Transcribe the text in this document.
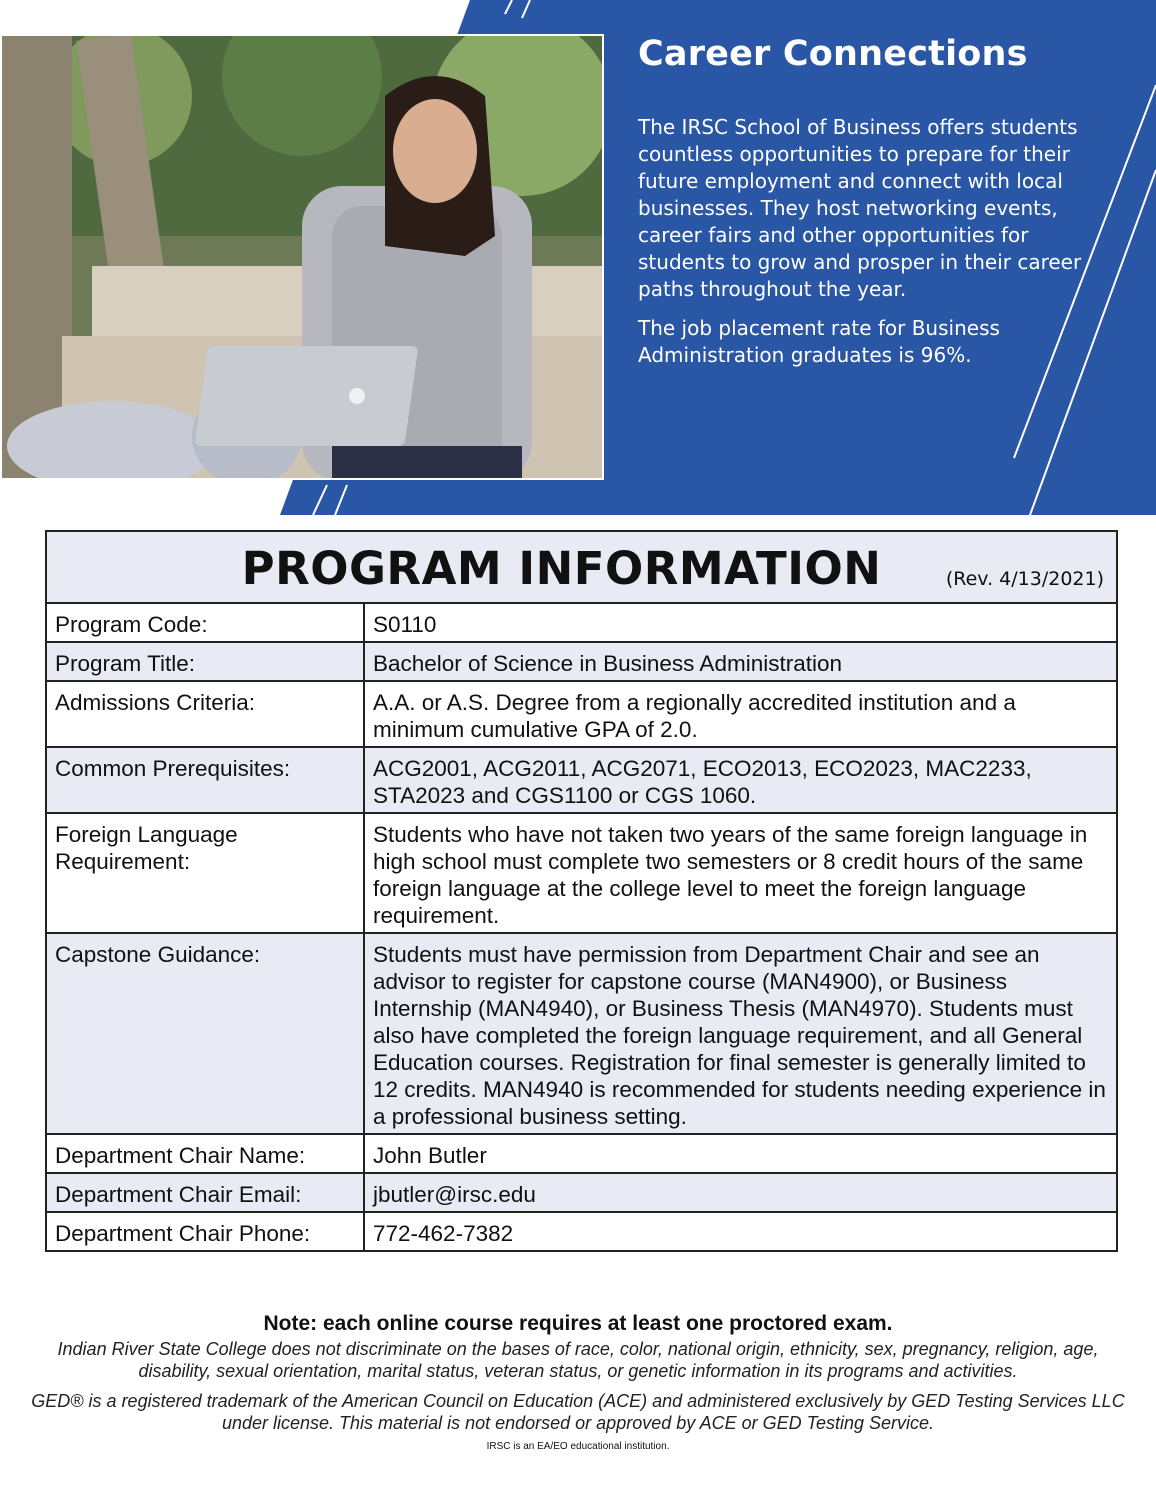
Career Connections

The IRSC School of Business offers students countless opportunities to prepare for their future employment and connect with local businesses. They host networking events, career fairs and other opportunities for students to grow and prosper in their career paths throughout the year.

The job placement rate for Business Administration graduates is 96%.

PROGRAM INFORMATION	(Rev. 4/13/2021)
Program Code:	S0110
Program Title:	Bachelor of Science in Business Administration
Admissions Criteria:	A.A. or A.S. Degree from a regionally accredited institution and a minimum cumulative GPA of 2.0.
Common Prerequisites:	ACG2001, ACG2011, ACG2071, ECO2013, ECO2023, MAC2233, STA2023 and CGS1100 or CGS 1060.
Foreign Language Requirement:	Students who have not taken two years of the same foreign language in high school must complete two semesters or 8 credit hours of the same foreign language at the college level to meet the foreign language requirement.
Capstone Guidance:	Students must have permission from Department Chair and see an advisor to register for capstone course (MAN4900), or Business Internship (MAN4940), or Business Thesis (MAN4970). Students must also have completed the foreign language requirement, and all General Education courses. Registration for final semester is generally limited to 12 credits. MAN4940 is recommended for students needing experience in a professional business setting.
Department Chair Name:	John Butler
Department Chair Email:	jbutler@irsc.edu
Department Chair Phone:	772-462-7382
Note: each online course requires at least one proctored exam.
Indian River State College does not discriminate on the bases of race, color, national origin, ethnicity, sex, pregnancy, religion, age, disability, sexual orientation, marital status, veteran status, or genetic information in its programs and activities.
GED® is a registered trademark of the American Council on Education (ACE) and administered exclusively by GED Testing Services LLC under license. This material is not endorsed or approved by ACE or GED Testing Service.
IRSC is an EA/EO educational institution.
